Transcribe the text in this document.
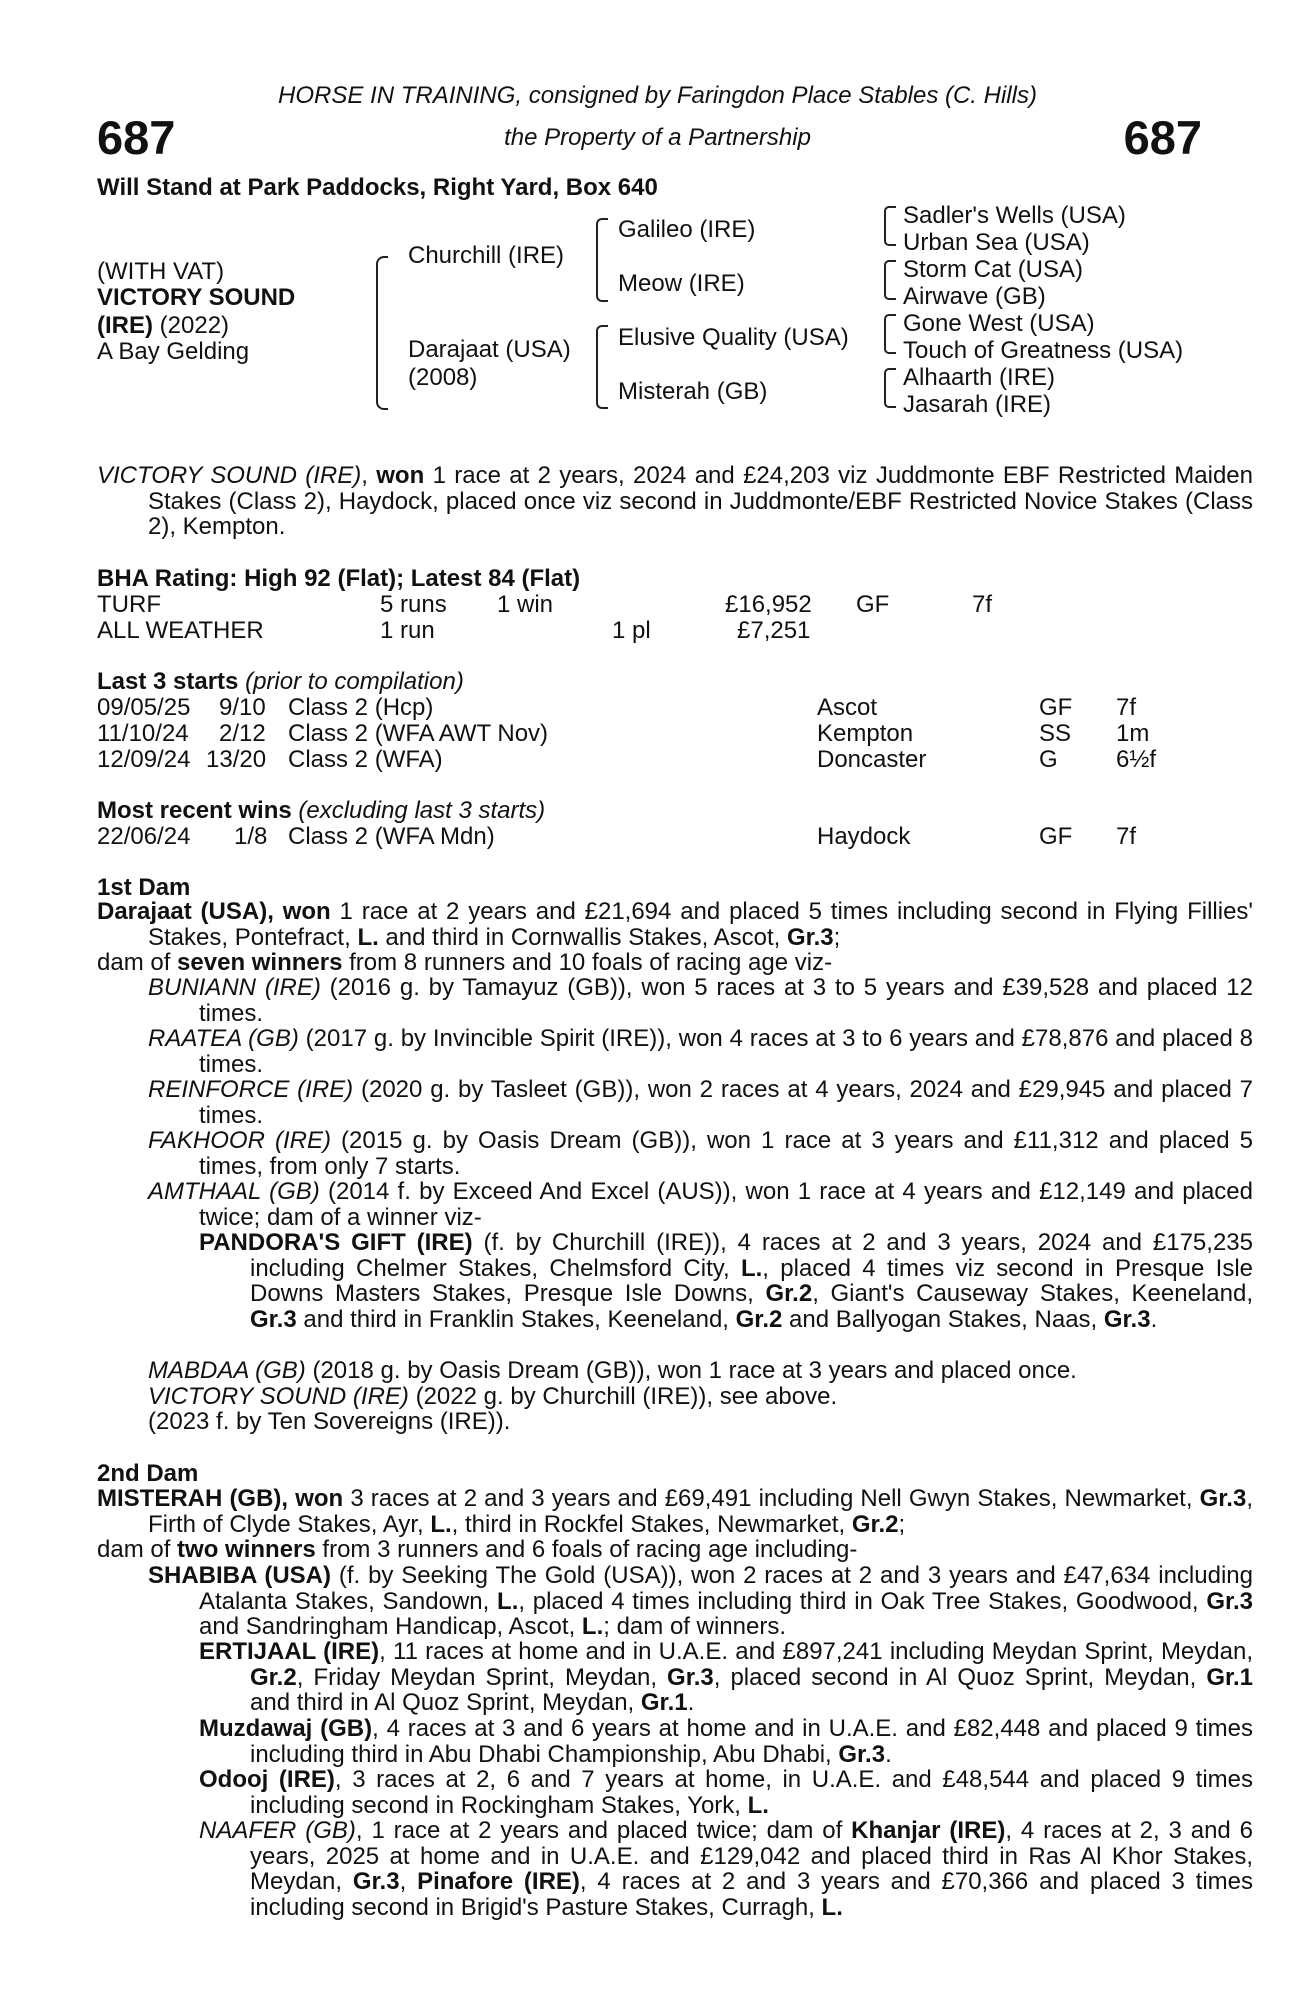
HORSE IN TRAINING, consigned by Faringdon Place Stables (C. Hills)
the Property of a Partnership
687	687
Will Stand at Park Paddocks, Right Yard, Box 640
(WITH VAT)
VICTORY SOUND
(IRE) (2022)
A Bay Gelding
Churchill (IRE)
Darajaat (USA)
(2008)
Galileo (IRE)
Meow (IRE)
Elusive Quality (USA)
Misterah (GB)
Sadler's Wells (USA)
Urban Sea (USA)
Storm Cat (USA)
Airwave (GB)
Gone West (USA)
Touch of Greatness (USA)
Alhaarth (IRE)
Jasarah (IRE)
VICTORY SOUND (IRE), won 1 race at 2 years, 2024 and £24,203 viz Juddmonte EBF Restricted Maiden Stakes (Class 2), Haydock, placed once viz second in Juddmonte/EBF Restricted Novice Stakes (Class 2), Kempton.
BHA Rating: High 92 (Flat); Latest 84 (Flat)
TURF	5 runs 1 win	£16,952 GF	7f
ALL WEATHER	1 run	1 pl	£7,251
Last 3 starts (prior to compilation)
09/05/25 9/10 Class 2 (Hcp)	Ascot	GF 7f
11/10/24 2/12 Class 2 (WFA AWT Nov)	Kempton	SS 1m
12/09/24 13/20 Class 2 (WFA)	Doncaster	G 6½f
Most recent wins (excluding last 3 starts)
22/06/24 1/8 Class 2 (WFA Mdn)	Haydock	GF 7f
1st Dam
Darajaat (USA), won 1 race at 2 years and £21,694 and placed 5 times including second in Flying Fillies' Stakes, Pontefract, L. and third in Cornwallis Stakes, Ascot, Gr.3;
dam of seven winners from 8 runners and 10 foals of racing age viz-
BUNIANN (IRE) (2016 g. by Tamayuz (GB)), won 5 races at 3 to 5 years and £39,528 and placed 12 times.
RAATEA (GB) (2017 g. by Invincible Spirit (IRE)), won 4 races at 3 to 6 years and £78,876 and placed 8 times.
REINFORCE (IRE) (2020 g. by Tasleet (GB)), won 2 races at 4 years, 2024 and £29,945 and placed 7 times.
FAKHOOR (IRE) (2015 g. by Oasis Dream (GB)), won 1 race at 3 years and £11,312 and placed 5 times, from only 7 starts.
AMTHAAL (GB) (2014 f. by Exceed And Excel (AUS)), won 1 race at 4 years and £12,149 and placed twice; dam of a winner viz-
PANDORA'S GIFT (IRE) (f. by Churchill (IRE)), 4 races at 2 and 3 years, 2024 and £175,235 including Chelmer Stakes, Chelmsford City, L., placed 4 times viz second in Presque Isle Downs Masters Stakes, Presque Isle Downs, Gr.2, Giant's Causeway Stakes, Keeneland, Gr.3 and third in Franklin Stakes, Keeneland, Gr.2 and Ballyogan Stakes, Naas, Gr.3.
MABDAA (GB) (2018 g. by Oasis Dream (GB)), won 1 race at 3 years and placed once.
VICTORY SOUND (IRE) (2022 g. by Churchill (IRE)), see above.
(2023 f. by Ten Sovereigns (IRE)).
2nd Dam
MISTERAH (GB), won 3 races at 2 and 3 years and £69,491 including Nell Gwyn Stakes, Newmarket, Gr.3, Firth of Clyde Stakes, Ayr, L., third in Rockfel Stakes, Newmarket, Gr.2;
dam of two winners from 3 runners and 6 foals of racing age including-
SHABIBA (USA) (f. by Seeking The Gold (USA)), won 2 races at 2 and 3 years and £47,634 including Atalanta Stakes, Sandown, L., placed 4 times including third in Oak Tree Stakes, Goodwood, Gr.3 and Sandringham Handicap, Ascot, L.; dam of winners.
ERTIJAAL (IRE), 11 races at home and in U.A.E. and £897,241 including Meydan Sprint, Meydan, Gr.2, Friday Meydan Sprint, Meydan, Gr.3, placed second in Al Quoz Sprint, Meydan, Gr.1 and third in Al Quoz Sprint, Meydan, Gr.1.
Muzdawaj (GB), 4 races at 3 and 6 years at home and in U.A.E. and £82,448 and placed 9 times including third in Abu Dhabi Championship, Abu Dhabi, Gr.3.
Odooj (IRE), 3 races at 2, 6 and 7 years at home, in U.A.E. and £48,544 and placed 9 times including second in Rockingham Stakes, York, L.
NAAFER (GB), 1 race at 2 years and placed twice; dam of Khanjar (IRE), 4 races at 2, 3 and 6 years, 2025 at home and in U.A.E. and £129,042 and placed third in Ras Al Khor Stakes, Meydan, Gr.3, Pinafore (IRE), 4 races at 2 and 3 years and £70,366 and placed 3 times including second in Brigid's Pasture Stakes, Curragh, L.
